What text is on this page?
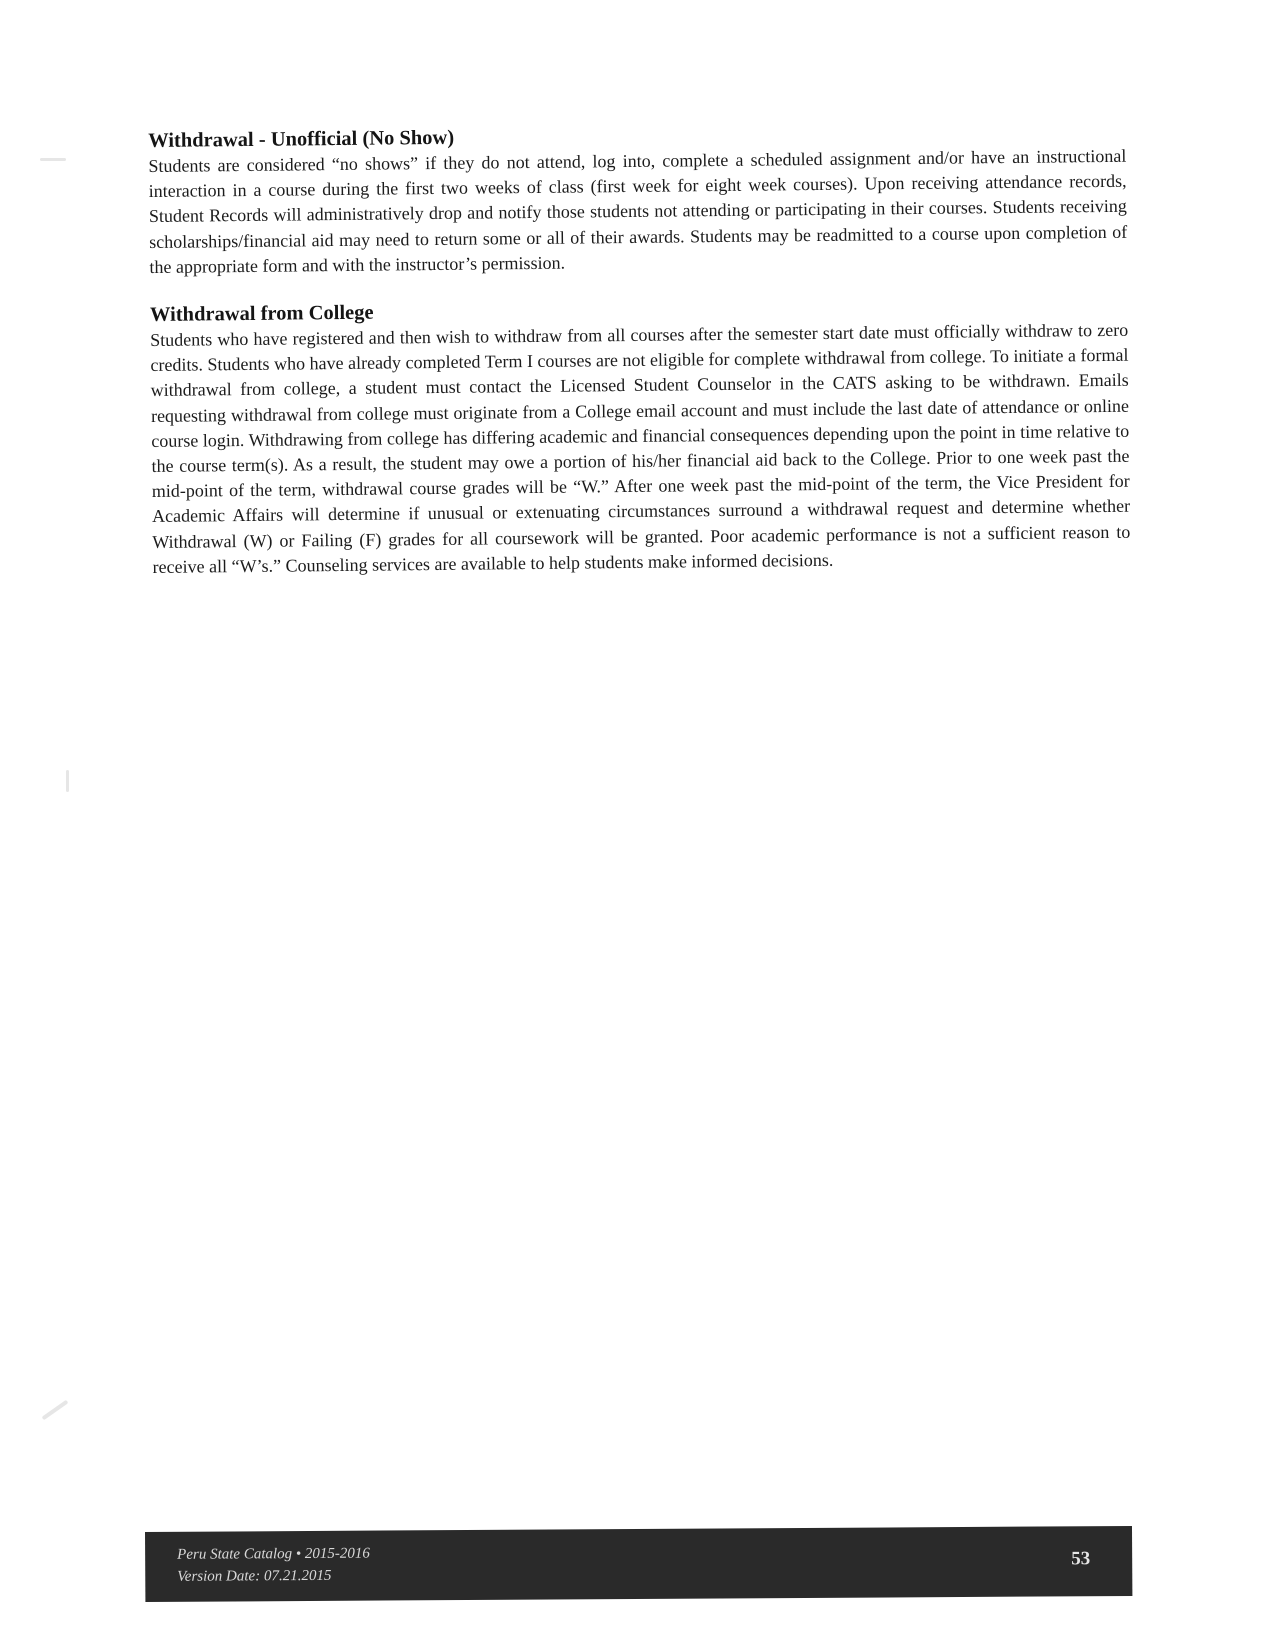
Withdrawal - Unofficial (No Show)

Students are considered “no shows” if they do not attend, log into, complete a scheduled assignment and/or have an instructional interaction in a course during the first two weeks of class (first week for eight week courses). Upon receiving attendance records, Student Records will administratively drop and notify those students not attending or participating in their courses. Students receiving scholarships/financial aid may need to return some or all of their awards. Students may be readmitted to a course upon completion of the appropriate form and with the instructor’s permission.

Withdrawal from College

Students who have registered and then wish to withdraw from all courses after the semester start date must officially withdraw to zero credits. Students who have already completed Term I courses are not eligible for complete withdrawal from college. To initiate a formal withdrawal from college, a student must contact the Licensed Student Counselor in the CATS asking to be withdrawn. Emails requesting withdrawal from college must originate from a College email account and must include the last date of attendance or online course login. Withdrawing from college has differing academic and financial consequences depending upon the point in time relative to the course term(s). As a result, the student may owe a portion of his/her financial aid back to the College. Prior to one week past the mid-point of the term, withdrawal course grades will be “W.” After one week past the mid-point of the term, the Vice President for Academic Affairs will determine if unusual or extenuating circumstances surround a withdrawal request and determine whether Withdrawal (W) or Failing (F) grades for all coursework will be granted. Poor academic performance is not a sufficient reason to receive all “W’s.” Counseling services are available to help students make informed decisions.

Peru State Catalog • 2015-2016
Version Date: 07.21.2015
53
